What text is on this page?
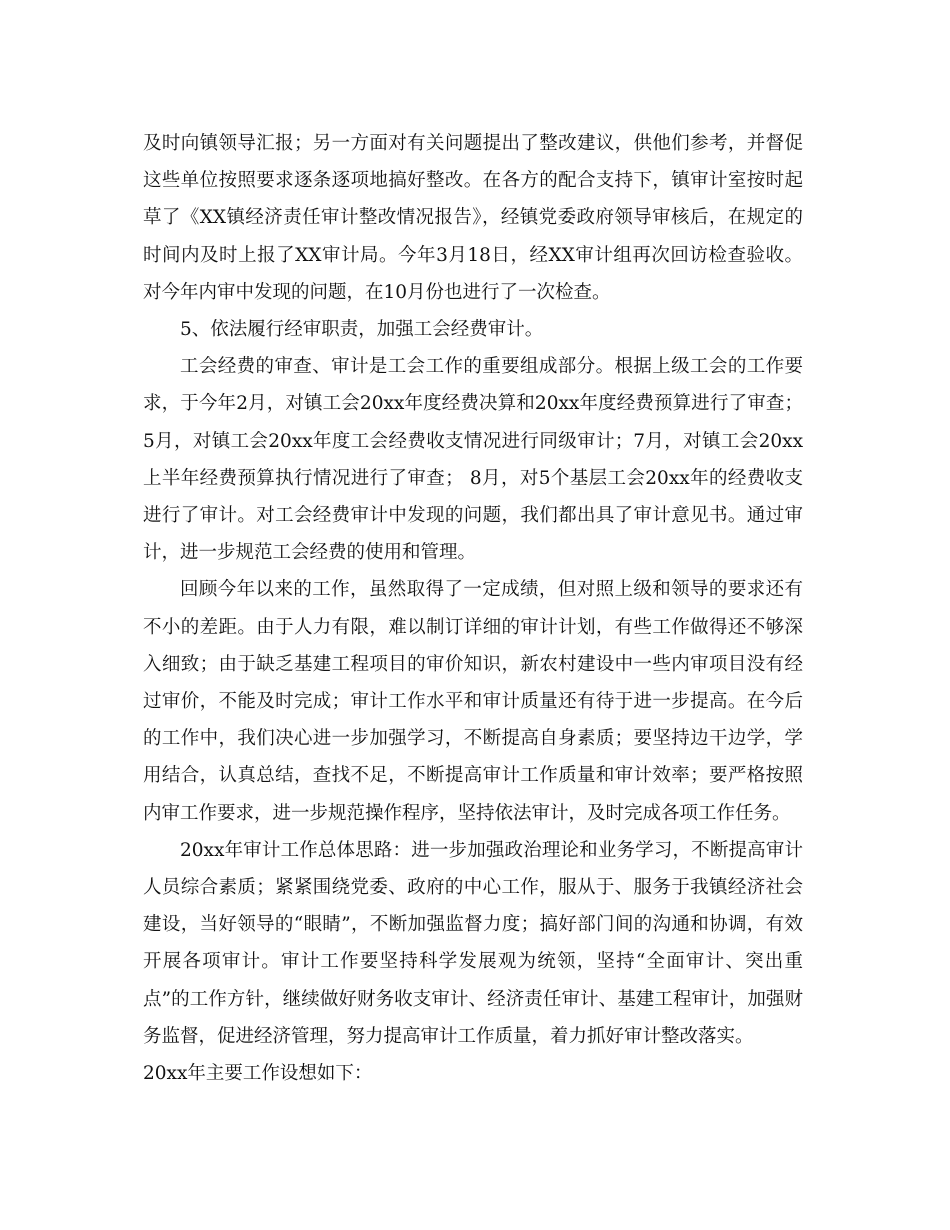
及时向镇领导汇报；另一方面对有关问题提出了整改建议，供他们参考，并督促这些单位按照要求逐条逐项地搞好整改。在各方的配合支持下，镇审计室按时起草了《XX镇经济责任审计整改情况报告》，经镇党委政府领导审核后，在规定的时间内及时上报了XX审计局。今年3月18日，经XX审计组再次回访检查验收。对今年内审中发现的问题，在10月份也进行了一次检查。

5、依法履行经审职责，加强工会经费审计。

工会经费的审查、审计是工会工作的重要组成部分。根据上级工会的工作要求，于今年2月，对镇工会20xx年度经费决算和20xx年度经费预算进行了审查；5月，对镇工会20xx年度工会经费收支情况进行同级审计；7月，对镇工会20xx上半年经费预算执行情况进行了审查； 8月，对5个基层工会20xx年的经费收支进行了审计。对工会经费审计中发现的问题，我们都出具了审计意见书。通过审计，进一步规范工会经费的使用和管理。

回顾今年以来的工作，虽然取得了一定成绩，但对照上级和领导的要求还有不小的差距。由于人力有限，难以制订详细的审计计划，有些工作做得还不够深入细致；由于缺乏基建工程项目的审价知识，新农村建设中一些内审项目没有经过审价，不能及时完成；审计工作水平和审计质量还有待于进一步提高。在今后的工作中，我们决心进一步加强学习，不断提高自身素质；要坚持边干边学，学用结合，认真总结，查找不足，不断提高审计工作质量和审计效率；要严格按照内审工作要求，进一步规范操作程序，坚持依法审计，及时完成各项工作任务。

20xx年审计工作总体思路：进一步加强政治理论和业务学习，不断提高审计人员综合素质；紧紧围绕党委、政府的中心工作，服从于、服务于我镇经济社会建设，当好领导的“眼睛”，不断加强监督力度；搞好部门间的沟通和协调，有效开展各项审计。审计工作要坚持科学发展观为统领，坚持“全面审计、突出重点”的工作方针，继续做好财务收支审计、经济责任审计、基建工程审计，加强财务监督，促进经济管理，努力提高审计工作质量，着力抓好审计整改落实。

20xx年主要工作设想如下：
